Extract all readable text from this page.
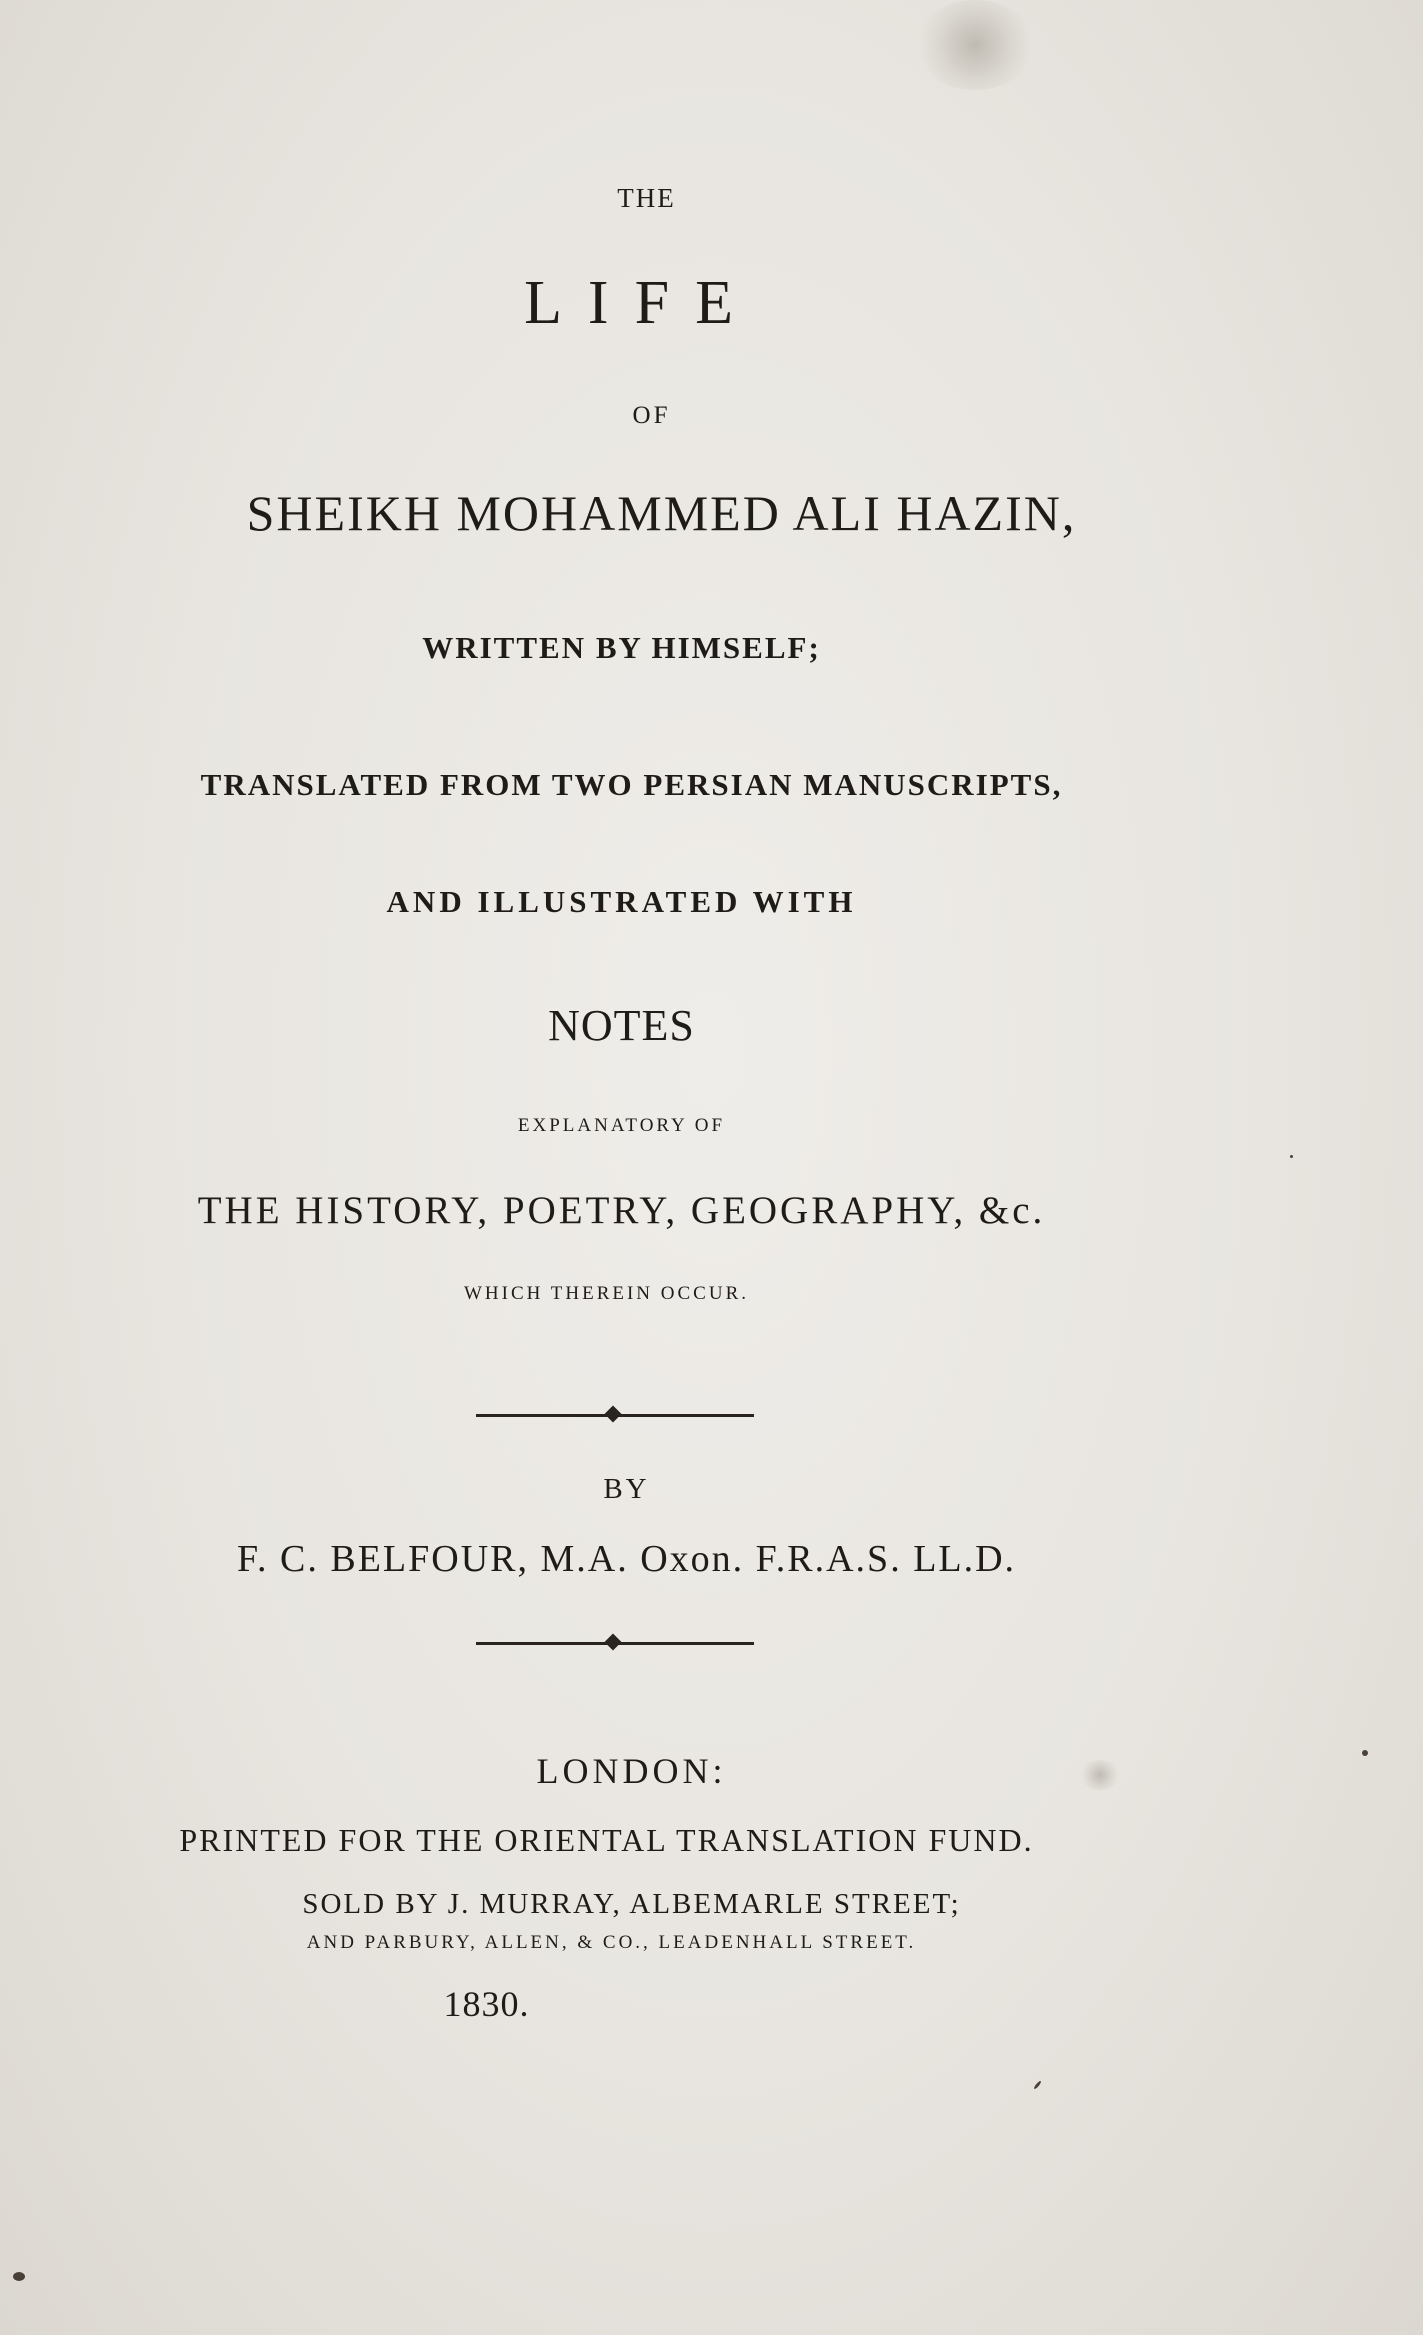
THE
LIFE
OF
SHEIKH MOHAMMED ALI HAZIN,
WRITTEN BY HIMSELF;
TRANSLATED FROM TWO PERSIAN MANUSCRIPTS,
AND ILLUSTRATED WITH
NOTES
EXPLANATORY OF
THE HISTORY, POETRY, GEOGRAPHY, &c.
WHICH THEREIN OCCUR.
BY
F. C. BELFOUR, M.A. Oxon. F.R.A.S. LL.D.
LONDON:
PRINTED FOR THE ORIENTAL TRANSLATION FUND.
SOLD BY J. MURRAY, ALBEMARLE STREET;
AND PARBURY, ALLEN, & CO., LEADENHALL STREET.
1830.
